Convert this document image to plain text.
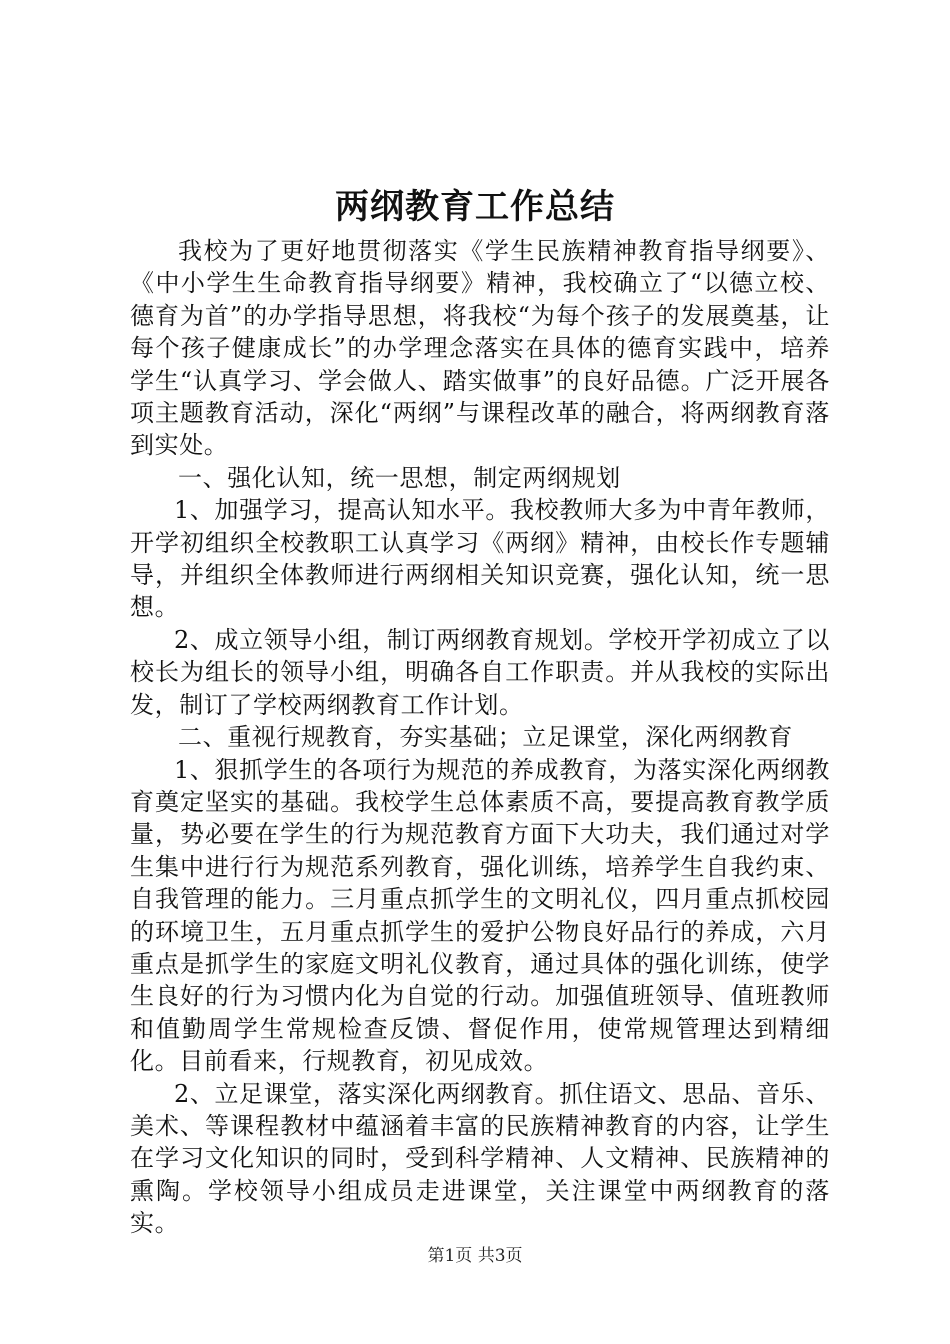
两纲教育工作总结

我校为了更好地贯彻落实《学生民族精神教育指导纲要》、《中小学生生命教育指导纲要》精神，我校确立了“以德立校、德育为首”的办学指导思想，将我校“为每个孩子的发展奠基，让每个孩子健康成长”的办学理念落实在具体的德育实践中，培养学生“认真学习、学会做人、踏实做事”的良好品德。广泛开展各项主题教育活动，深化“两纲”与课程改革的融合，将两纲教育落到实处。

一、强化认知，统一思想，制定两纲规划

1、加强学习，提高认知水平。我校教师大多为中青年教师，开学初组织全校教职工认真学习《两纲》精神，由校长作专题辅导，并组织全体教师进行两纲相关知识竞赛，强化认知，统一思想。

2、成立领导小组，制订两纲教育规划。学校开学初成立了以校长为组长的领导小组，明确各自工作职责。并从我校的实际出发，制订了学校两纲教育工作计划。

二、重视行规教育，夯实基础；立足课堂，深化两纲教育

1、狠抓学生的各项行为规范的养成教育，为落实深化两纲教育奠定坚实的基础。我校学生总体素质不高，要提高教育教学质量，势必要在学生的行为规范教育方面下大功夫，我们通过对学生集中进行行为规范系列教育，强化训练，培养学生自我约束、自我管理的能力。三月重点抓学生的文明礼仪，四月重点抓校园的环境卫生，五月重点抓学生的爱护公物良好品行的养成，六月重点是抓学生的家庭文明礼仪教育，通过具体的强化训练，使学生良好的行为习惯内化为自觉的行动。加强值班领导、值班教师和值勤周学生常规检查反馈、督促作用，使常规管理达到精细化。目前看来，行规教育，初见成效。

2、立足课堂，落实深化两纲教育。抓住语文、思品、音乐、美术、等课程教材中蕴涵着丰富的民族精神教育的内容，让学生在学习文化知识的同时，受到科学精神、人文精神、民族精神的熏陶。学校领导小组成员走进课堂，关注课堂中两纲教育的落实。

第1页 共3页
